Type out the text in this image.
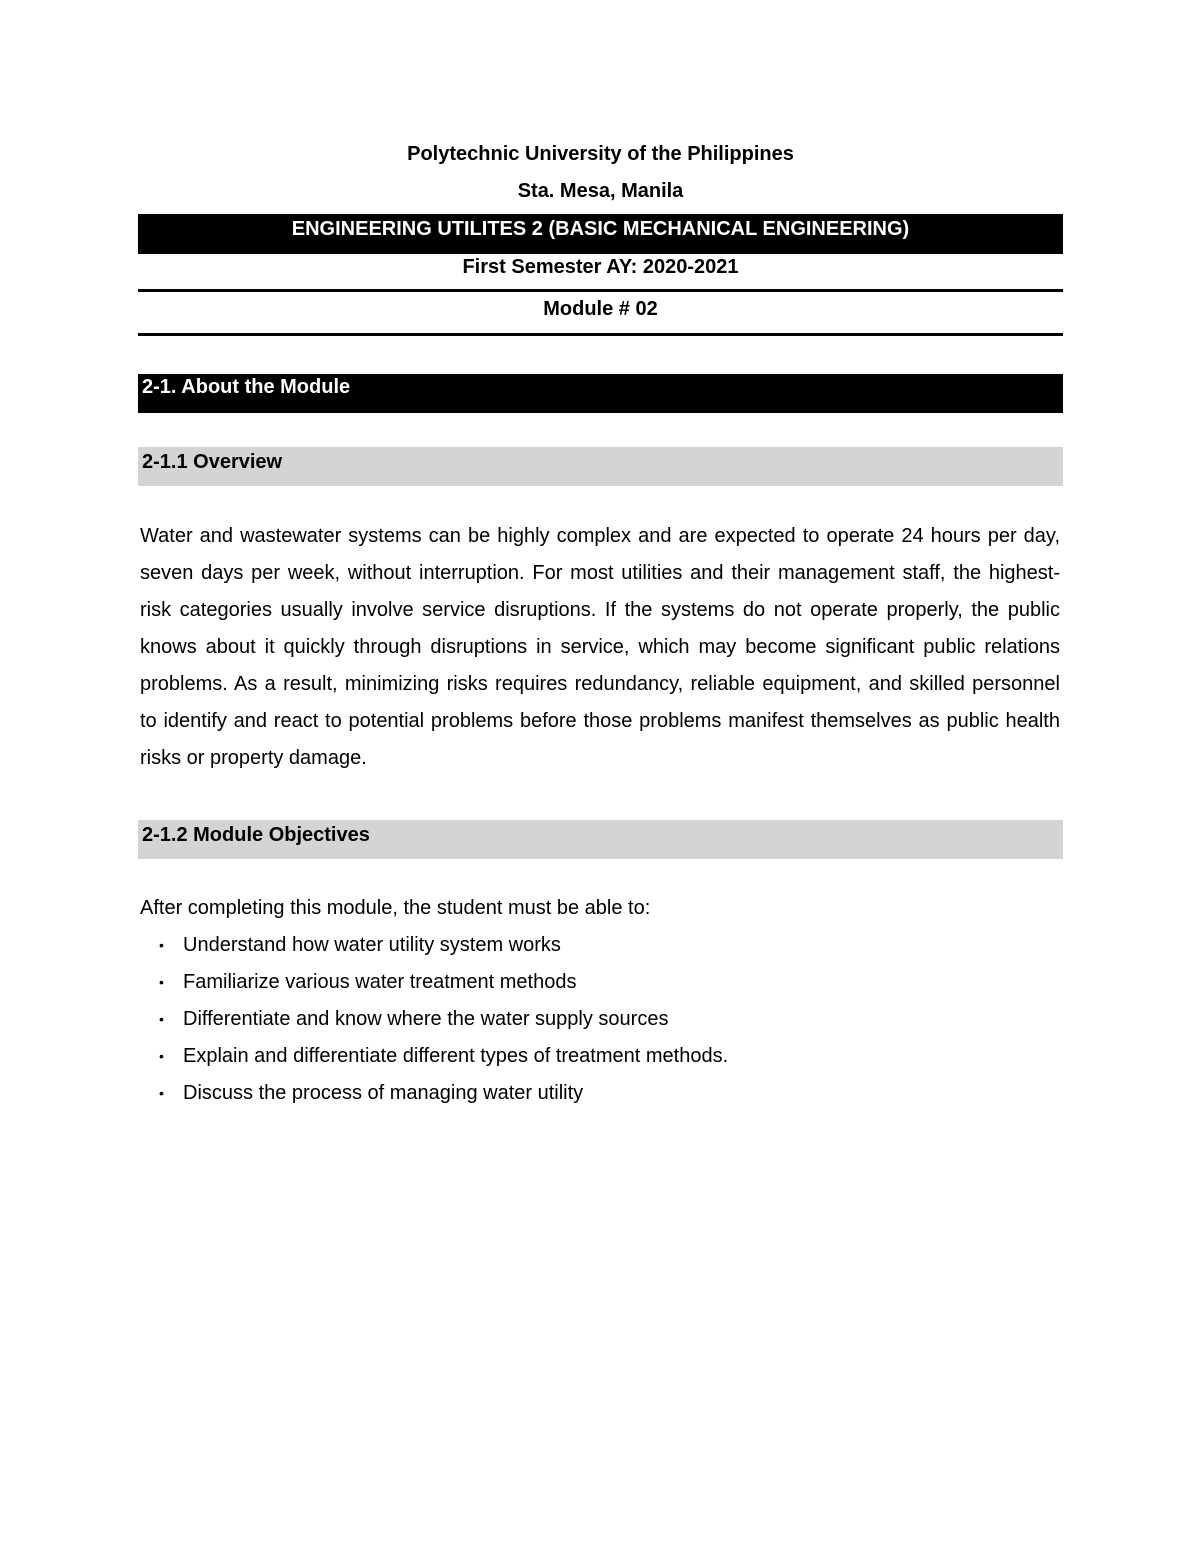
Polytechnic University of the Philippines
Sta. Mesa, Manila
ENGINEERING UTILITES 2 (BASIC MECHANICAL ENGINEERING)
First Semester AY: 2020-2021
Module # 02
2-1. About the Module
2-1.1 Overview
Water and wastewater systems can be highly complex and are expected to operate 24 hours per day, seven days per week, without interruption. For most utilities and their management staff, the highest-risk categories usually involve service disruptions. If the systems do not operate properly, the public knows about it quickly through disruptions in service, which may become significant public relations problems. As a result, minimizing risks requires redundancy, reliable equipment, and skilled personnel to identify and react to potential problems before those problems manifest themselves as public health risks or property damage.
2-1.2 Module Objectives
After completing this module, the student must be able to:
• Understand how water utility system works
• Familiarize various water treatment methods
• Differentiate and know where the water supply sources
• Explain and differentiate different types of treatment methods.
• Discuss the process of managing water utility
